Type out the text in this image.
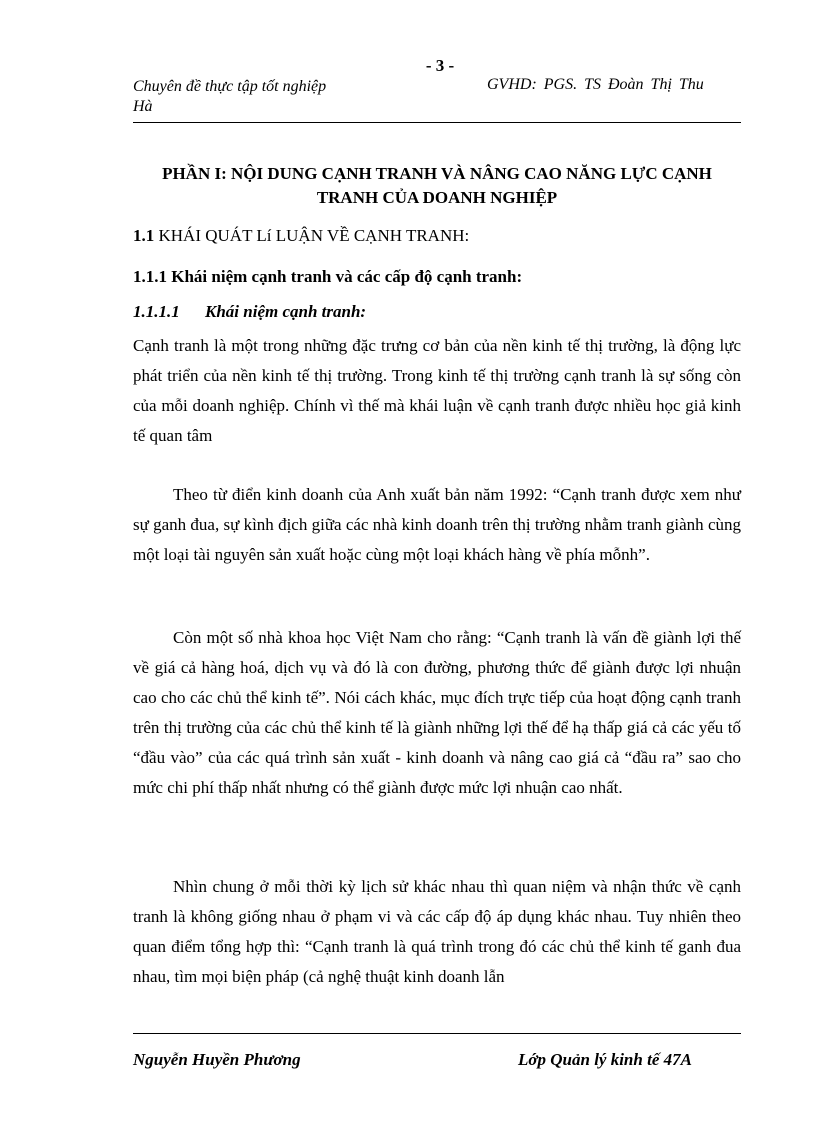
- 3 -
Chuyên đề thực tập tốt nghiệp
Hà
GVHD: PGS. TS Đoàn Thị Thu
PHẦN I: NỘI DUNG CẠNH TRANH VÀ NÂNG CAO NĂNG LỰC CẠNH TRANH CỦA DOANH NGHIỆP
1.1 KHÁI QUÁT Lí LUẬN VỀ CẠNH TRANH:
1.1.1 Khái niệm cạnh tranh và các cấp độ cạnh tranh:
1.1.1.1 Khái niệm cạnh tranh:
Cạnh tranh là một trong những đặc trưng cơ bản của nền kinh tế thị trường, là động lực phát triển của nền kinh tế thị trường. Trong kinh tế thị trường cạnh tranh là sự sống còn của mỗi doanh nghiệp. Chính vì thế mà khái luận về cạnh tranh được nhiều học giả kinh tế quan tâm
Theo từ điển kinh doanh của Anh xuất bản năm 1992: “Cạnh tranh được xem như sự ganh đua, sự kình địch giữa các nhà kinh doanh trên thị trường nhằm tranh giành cùng một loại tài nguyên sản xuất hoặc cùng một loại khách hàng về phía mỗnh”.
Còn một số nhà khoa học Việt Nam cho rằng: “Cạnh tranh là vấn đề giành lợi thế về giá cả hàng hoá, dịch vụ và đó là con đường, phương thức để giành được lợi nhuận cao cho các chủ thể kinh tế”. Nói cách khác, mục đích trực tiếp của hoạt động cạnh tranh trên thị trường của các chủ thể kinh tế là giành những lợi thế để hạ thấp giá cả các yếu tố “đầu vào” của các quá trình sản xuất - kinh doanh và nâng cao giá cả “đầu ra” sao cho mức chi phí thấp nhất nhưng có thể giành được mức lợi nhuận cao nhất.
Nhìn chung ở mỗi thời kỳ lịch sử khác nhau thì quan niệm và nhận thức về cạnh tranh là không giống nhau ở phạm vi và các cấp độ áp dụng khác nhau. Tuy nhiên theo quan điểm tổng hợp thì: “Cạnh tranh là quá trình trong đó các chủ thể kinh tế ganh đua nhau, tìm mọi biện pháp (cả nghệ thuật kinh doanh lẫn
Nguyễn Huyền Phương	Lớp Quản lý kinh tế 47A
